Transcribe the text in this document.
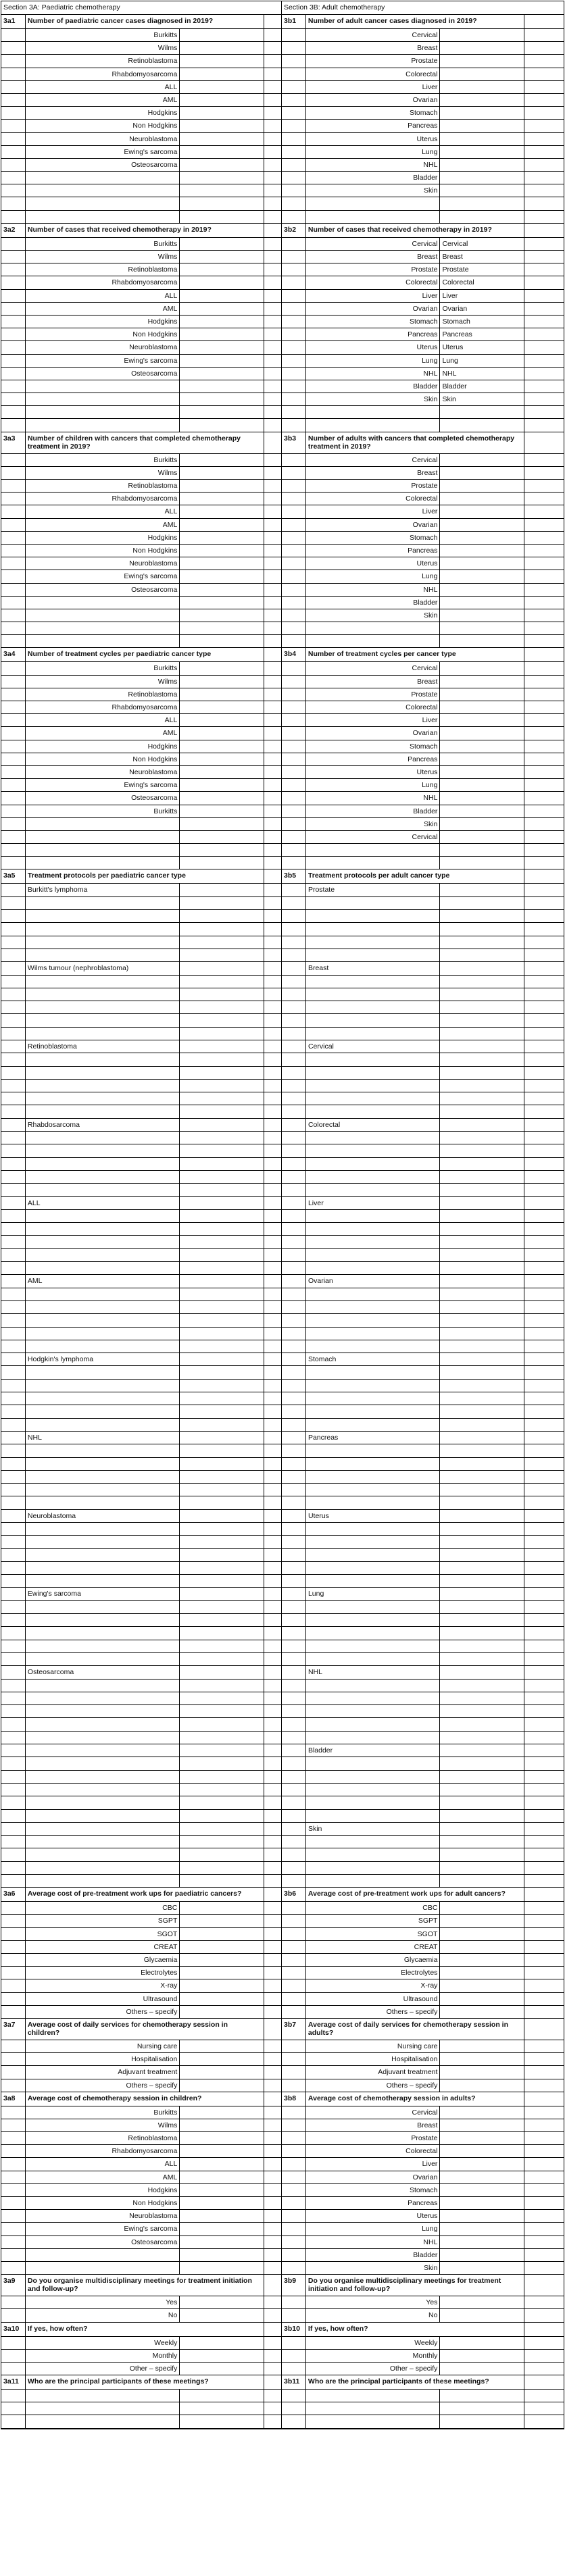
Section 3A: Paediatric chemotherapy	Section 3B: Adult chemotherapy
3a1	Number of paediatric cancer cases diagnosed in 2019?	3b1	Number of adult cancer cases diagnosed in 2019?
Burkitts	Cervical
Wilms	Breast
Retinoblastoma	Prostate
Rhabdomyosarcoma	Colorectal
ALL	Liver
AML	Ovarian
Hodgkins	Stomach
Non Hodgkins	Pancreas
Neuroblastoma	Uterus
Ewing's sarcoma	Lung
Osteosarcoma	NHL
Bladder
Skin
3a2	Number of cases that received chemotherapy in 2019?	3b2	Number of cases that received chemotherapy in 2019?
Burkitts	Cervical Cervical
Wilms	Breast Breast
Retinoblastoma	Prostate Prostate
Rhabdomyosarcoma	Colorectal Colorectal
ALL	Liver Liver
AML	Ovarian Ovarian
Hodgkins	Stomach Stomach
Non Hodgkins	Pancreas Pancreas
Neuroblastoma	Uterus Uterus
Ewing's sarcoma	Lung Lung
Osteosarcoma	NHL NHL
Bladder Bladder
Skin Skin
3a3	Number of children with cancers that completed chemotherapy treatment in 2019?
3b3	Number of adults with cancers that completed chemotherapy treatment in 2019?
Burkitts	Cervical
Wilms	Breast
Retinoblastoma	Prostate
Rhabdomyosarcoma	Colorectal
ALL	Liver
AML	Ovarian
Hodgkins	Stomach
Non Hodgkins	Pancreas
Neuroblastoma	Uterus
Ewing's sarcoma	Lung
Osteosarcoma	NHL
Bladder
Skin
3a4	Number of treatment cycles per paediatric cancer type	3b4	Number of treatment cycles per cancer type
Burkitts	Cervical
Wilms	Breast
Retinoblastoma	Prostate
Rhabdomyosarcoma	Colorectal
ALL	Liver
AML	Ovarian
Hodgkins	Stomach
Non Hodgkins	Pancreas
Neuroblastoma	Uterus
Ewing's sarcoma	Lung
Osteosarcoma	NHL
Burkitts	Bladder
Skin
Cervical
3a5	Treatment protocols per paediatric cancer type	3b5	Treatment protocols per adult cancer type
Burkitt's lymphoma	Prostate
Wilms tumour (nephroblastoma)	Breast
Retinoblastoma	Cervical
Rhabdosarcoma	Colorectal
ALL	Liver
AML	Ovarian
Hodgkin's lymphoma	Stomach
NHL	Pancreas
Neuroblastoma	Uterus
Ewing's sarcoma	Lung
Osteosarcoma	NHL
Bladder
Skin
3a6	Average cost of pre-treatment work ups for paediatric cancers?	3b6	Average cost of pre-treatment work ups for adult cancers?
CBC	CBC
SGPT	SGPT
SGOT	SGOT
CREAT	CREAT
Glycaemia	Glycaemia
Electrolytes	Electrolytes
X-ray	X-ray
Ultrasound	Ultrasound
Others – specify	Others – specify
3a7	Average cost of daily services for chemotherapy session in children?
3b7	Average cost of daily services for chemotherapy session in adults?
Nursing care	Nursing care
Hospitalisation	Hospitalisation
Adjuvant treatment	Adjuvant treatment
Others – specify	Others – specify
3a8	Average cost of chemotherapy session in children?	3b8	Average cost of chemotherapy session in adults?
Burkitts	Cervical
Wilms	Breast
Retinoblastoma	Prostate
Rhabdomyosarcoma	Colorectal
ALL	Liver
AML	Ovarian
Hodgkins	Stomach
Non Hodgkins	Pancreas
Neuroblastoma	Uterus
Ewing's sarcoma	Lung
Osteosarcoma	NHL
Bladder
Skin
3a9	Do you organise multidisciplinary meetings for treatment initiation and follow-up?
3b9	Do you organise multidisciplinary meetings for treatment initiation and follow-up?
Yes	Yes
No	No
3a10	If yes, how often?	3b10	If yes, how often?
Weekly	Weekly
Monthly	Monthly
Other – specify	Other – specify
3a11	Who are the principal participants of these meetings?	3b11	Who are the principal participants of these meetings?
